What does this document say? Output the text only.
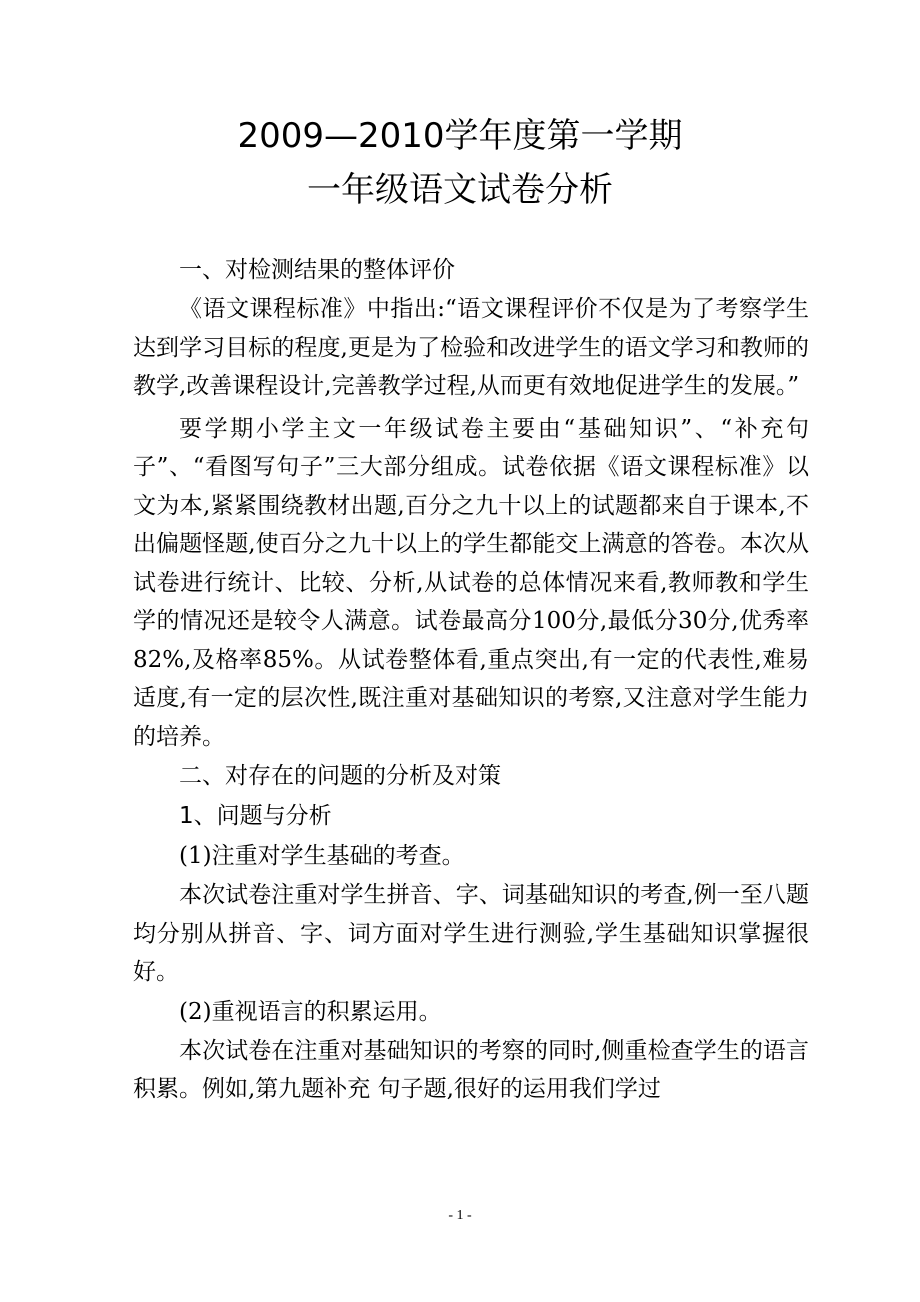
2009—2010学年度第一学期
一年级语文试卷分析

一、对检测结果的整体评价

《语文课程标准》中指出:“语文课程评价不仅是为了考察学生达到学习目标的程度,更是为了检验和改进学生的语文学习和教师的教学,改善课程设计,完善教学过程,从而更有效地促进学生的发展。”

要学期小学主文一年级试卷主要由“基础知识”、“补充句子”、“看图写句子”三大部分组成。试卷依据《语文课程标准》以文为本,紧紧围绕教材出题,百分之九十以上的试题都来自于课本,不出偏题怪题,使百分之九十以上的学生都能交上满意的答卷。本次从试卷进行统计、比较、分析,从试卷的总体情况来看,教师教和学生学的情况还是较令人满意。试卷最高分100分,最低分30分,优秀率82%,及格率85%。从试卷整体看,重点突出,有一定的代表性,难易适度,有一定的层次性,既注重对基础知识的考察,又注意对学生能力的培养。

二、对存在的问题的分析及对策

1、问题与分析

(1)注重对学生基础的考查。

本次试卷注重对学生拼音、字、词基础知识的考查,例一至八题均分别从拼音、字、词方面对学生进行测验,学生基础知识掌握很好。

(2)重视语言的积累运用。

本次试卷在注重对基础知识的考察的同时,侧重检查学生的语言积累。例如,第九题补充 句子题,很好的运用我们学过

- 1 -
